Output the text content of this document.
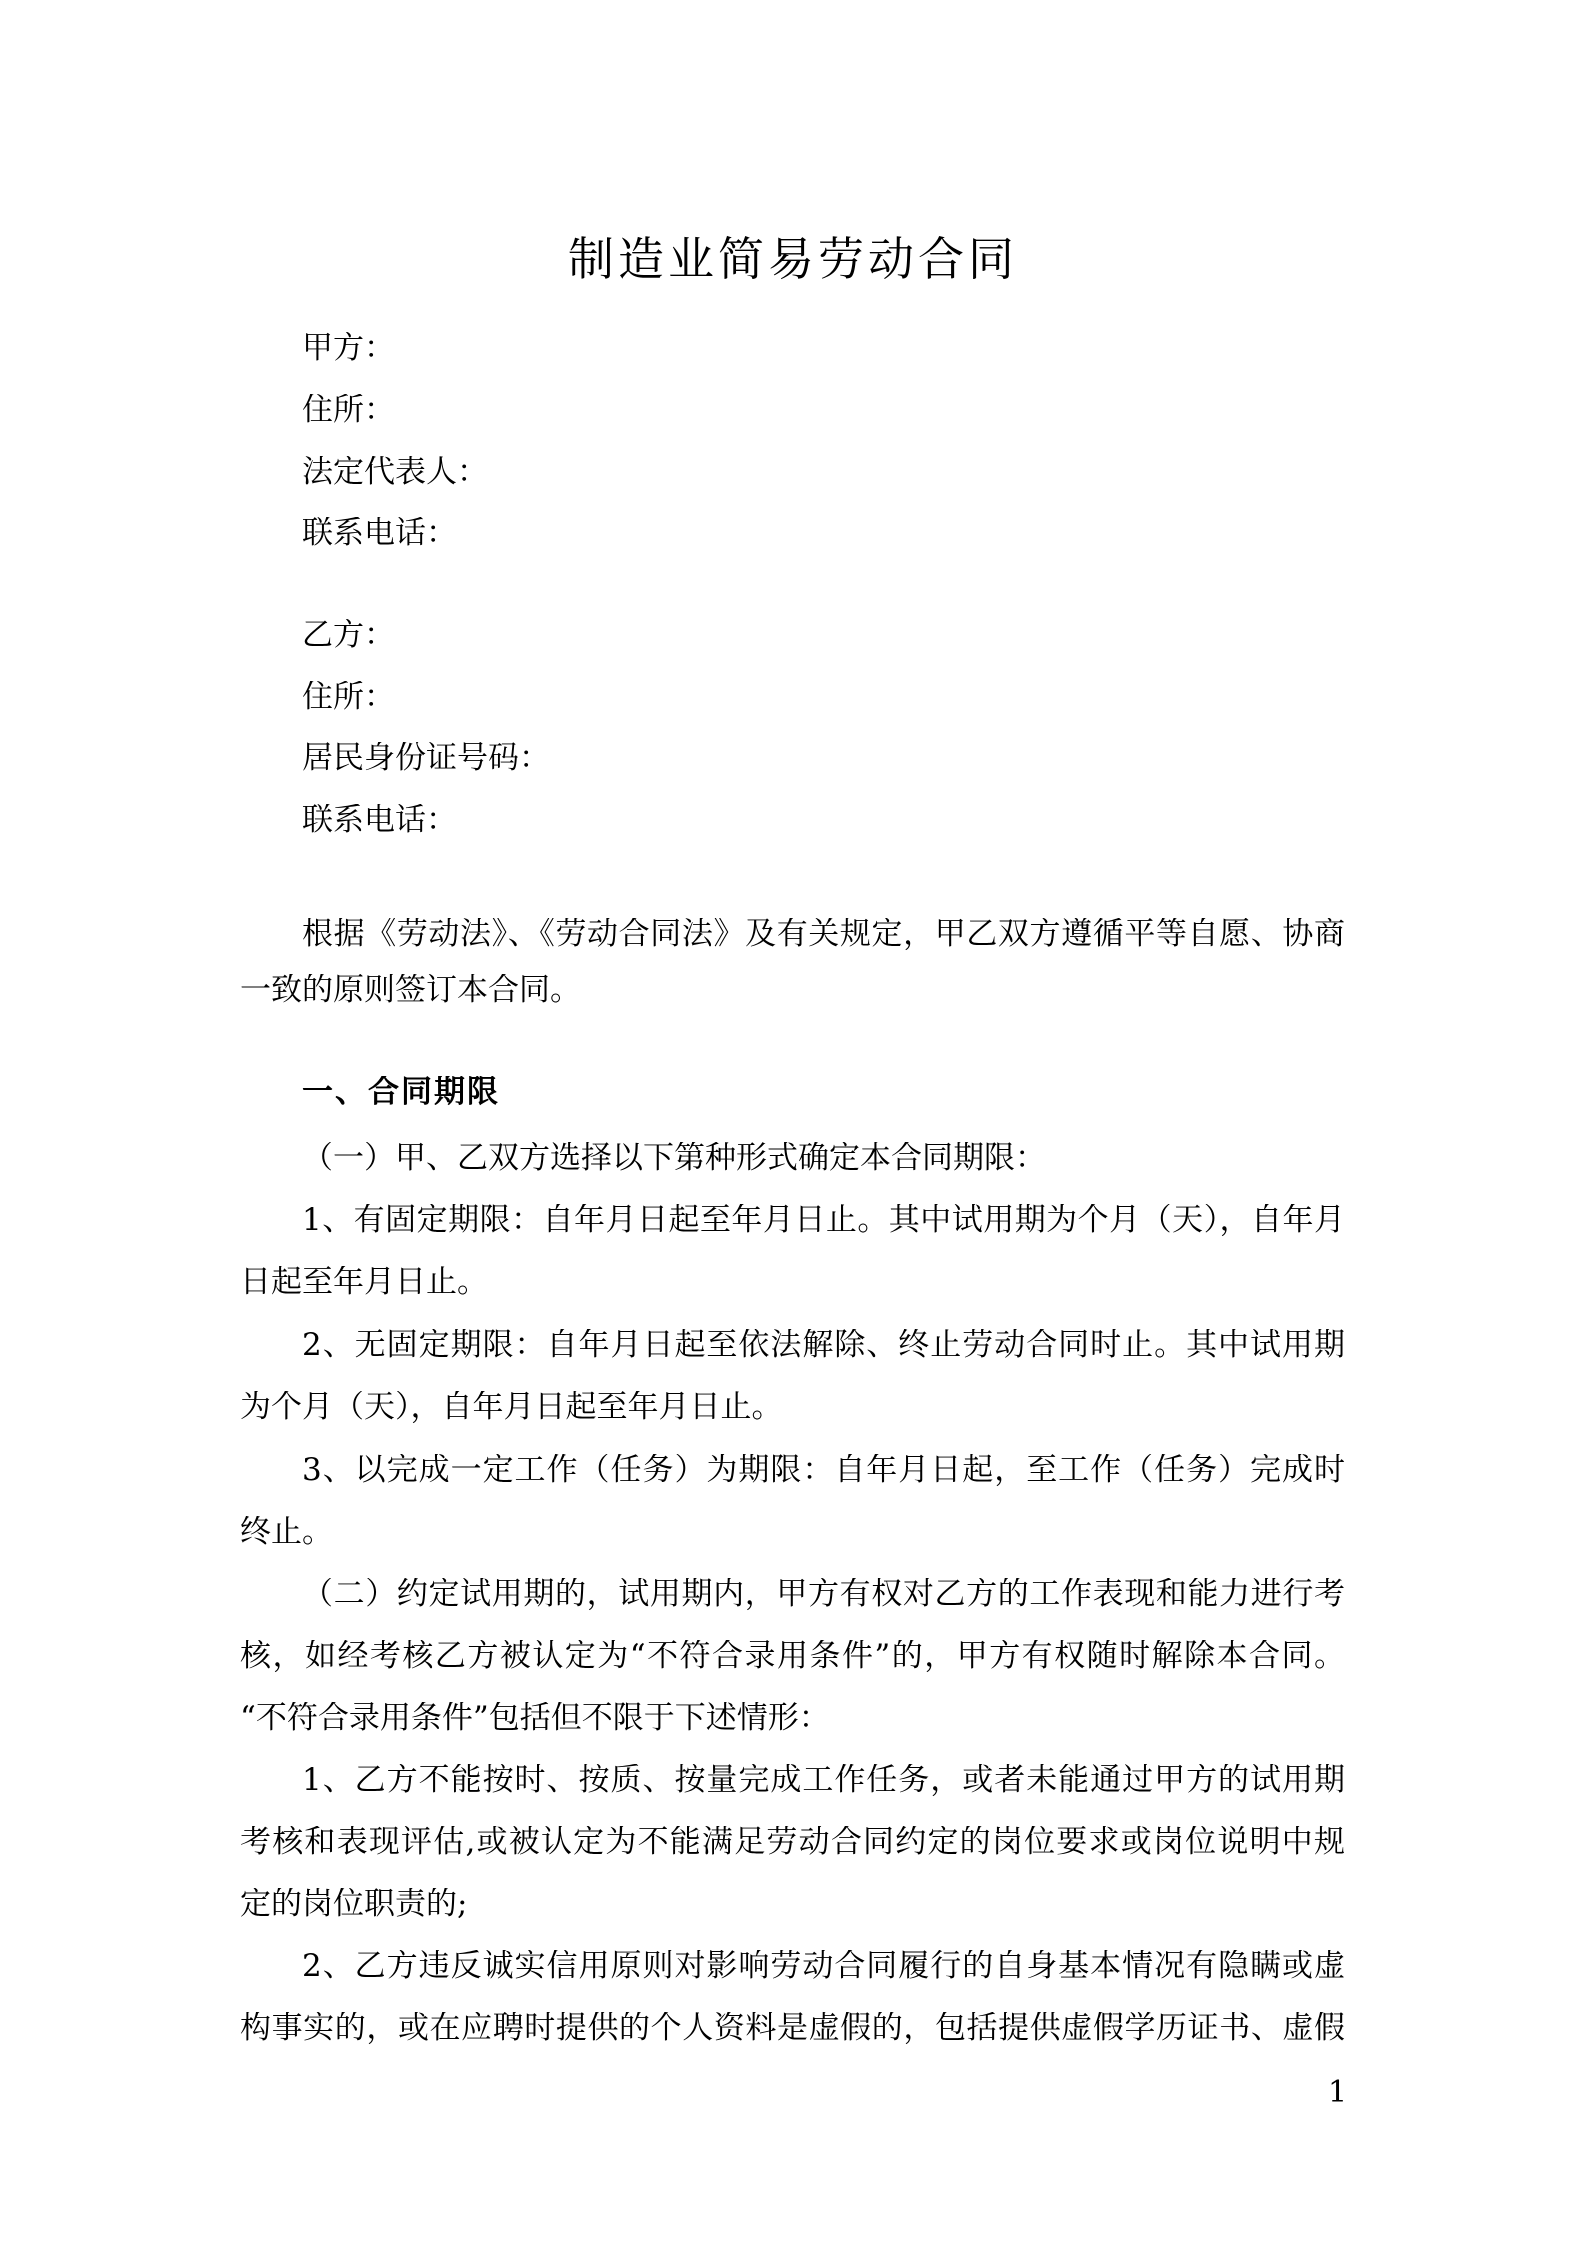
制造业简易劳动合同
甲方：
住所：
法定代表人：
联系电话：
乙方：
住所：
居民身份证号码：
联系电话：
根据《劳动法》、《劳动合同法》及有关规定，甲乙双方遵循平等自愿、协商
一致的原则签订本合同。
一、合同期限
（一）甲、乙双方选择以下第种形式确定本合同期限：
1、有固定期限：自年月日起至年月日止。其中试用期为个月（天），自年月
日起至年月日止。
2、无固定期限：自年月日起至依法解除、终止劳动合同时止。其中试用期
为个月（天），自年月日起至年月日止。
3、以完成一定工作（任务）为期限：自年月日起，至工作（任务）完成时
终止。
（二）约定试用期的，试用期内，甲方有权对乙方的工作表现和能力进行考
核，如经考核乙方被认定为“不符合录用条件”的，甲方有权随时解除本合同。
“不符合录用条件”包括但不限于下述情形：
1、乙方不能按时、按质、按量完成工作任务，或者未能通过甲方的试用期
考核和表现评估,或被认定为不能满足劳动合同约定的岗位要求或岗位说明中规
定的岗位职责的;
2、乙方违反诚实信用原则对影响劳动合同履行的自身基本情况有隐瞒或虚
构事实的，或在应聘时提供的个人资料是虚假的，包括提供虚假学历证书、虚假
1
